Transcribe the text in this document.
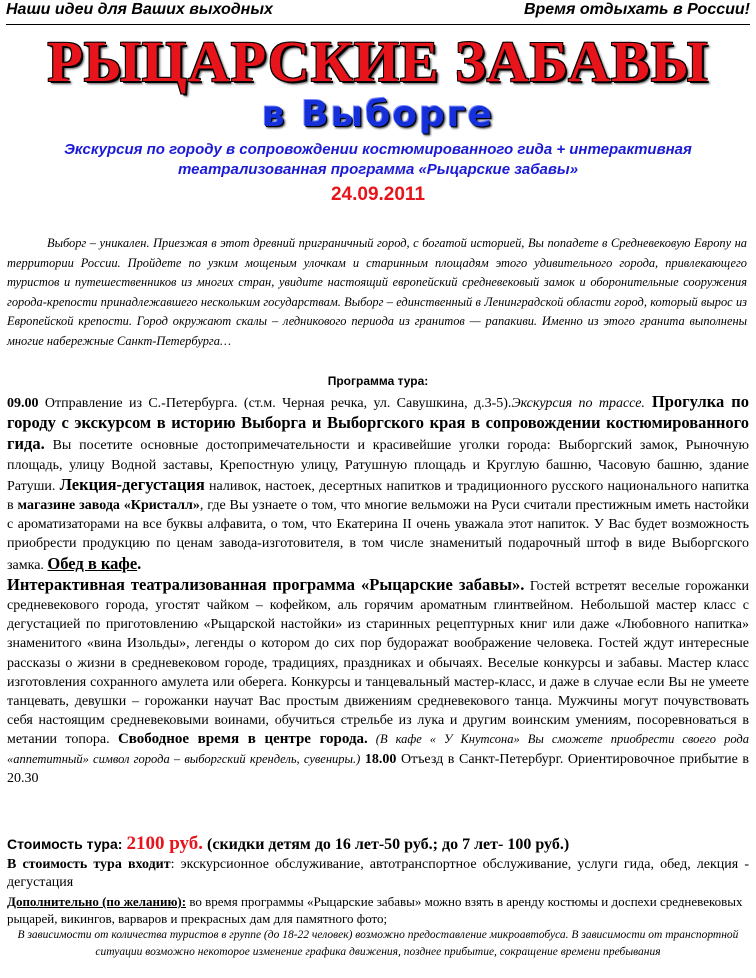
Наши идеи для Ваших выходных	Время отдыхать в России!
РЫЦАРСКИЕ ЗАБАВЫ
в Выборге
Экскурсия по городу в сопровождении костюмированного гида + интерактивная театрализованная программа «Рыцарские забавы»
24.09.2011

Выборг – уникален. Приезжая в этот древний приграничный город, с богатой историей, Вы попадете в Средневековую Европу на территории России. Пройдете по узким мощеным улочкам и старинным площадям этого удивительного города, привлекающего туристов и путешественников из многих стран, увидите настоящий европейский средневековый замок и оборонительные сооружения города-крепости принадлежавшего нескольким государствам. Выборг – единственный в Ленинградской области город, который вырос из Европейской крепости. Город окружают скалы – ледникового периода из гранитов — рапакиви. Именно из этого гранита выполнены многие набережные Санкт-Петербурга…

Программа тура:

09.00 Отправление из С.-Петербурга. (ст.м. Черная речка, ул. Савушкина, д.3-5).Экскурсия по трассе. Прогулка по городу с экскурсом в историю Выборга и Выборгского края в сопровождении костюмированного гида. Вы посетите основные достопримечательности и красивейшие уголки города: Выборгский замок, Рыночную площадь, улицу Водной заставы, Крепостную улицу, Ратушную площадь и Круглую башню, Часовую башню, здание Ратуши. Лекция-дегустация наливок, настоек, десертных напитков и традиционного русского национального напитка в магазине завода «Кристалл», где Вы узнаете о том, что многие вельможи на Руси считали престижным иметь настойки с ароматизаторами на все буквы алфавита, о том, что Екатерина II очень уважала этот напиток. У Вас будет возможность приобрести продукцию по ценам завода-изготовителя, в том числе знаменитый подарочный штоф в виде Выборгского замка. Обед в кафе.
Интерактивная театрализованная программа «Рыцарские забавы». Гостей встретят веселые горожанки средневекового города, угостят чайком – кофейком, аль горячим ароматным глинтвейном. Небольшой мастер класс с дегустацией по приготовлению «Рыцарской настойки» из старинных рецептурных книг или даже «Любовного напитка» знаменитого «вина Изольды», легенды о котором до сих пор будоражат воображение человека. Гостей ждут интересные рассказы о жизни в средневековом городе, традициях, праздниках и обычаях. Веселые конкурсы и забавы. Мастер класс изготовления сохранного амулета или оберега. Конкурсы и танцевальный мастер-класс, и даже в случае если Вы не умеете танцевать, девушки – горожанки научат Вас простым движениям средневекового танца. Мужчины могут почувствовать себя настоящим средневековыми воинами, обучиться стрельбе из лука и другим воинским умениям, посоревноваться в метании топора. Свободное время в центре города. (В кафе « У Кнутсона» Вы сможете приобрести своего рода «аппетитный» символ города – выборгский крендель, сувениры.) 18.00 Отъезд в Санкт-Петербург. Ориентировочное прибытие в 20.30

Стоимость тура: 2100 руб. (скидки детям до 16 лет-50 руб.; до 7 лет- 100 руб.)

В стоимость тура входит: экскурсионное обслуживание, автотранспортное обслуживание, услуги гида, обед, лекция - дегустация

Дополнительно (по желанию): во время программы «Рыцарские забавы» можно взять в аренду костюмы и доспехи средневековых рыцарей, викингов, варваров и прекрасных дам для памятного фото;

В зависимости от количества туристов в группе (до 18-22 человек) возможно предоставление микроавтобуса. В зависимости от транспортной ситуации возможно некоторое изменение графика движения, позднее прибытие, сокращение времени пребывания
